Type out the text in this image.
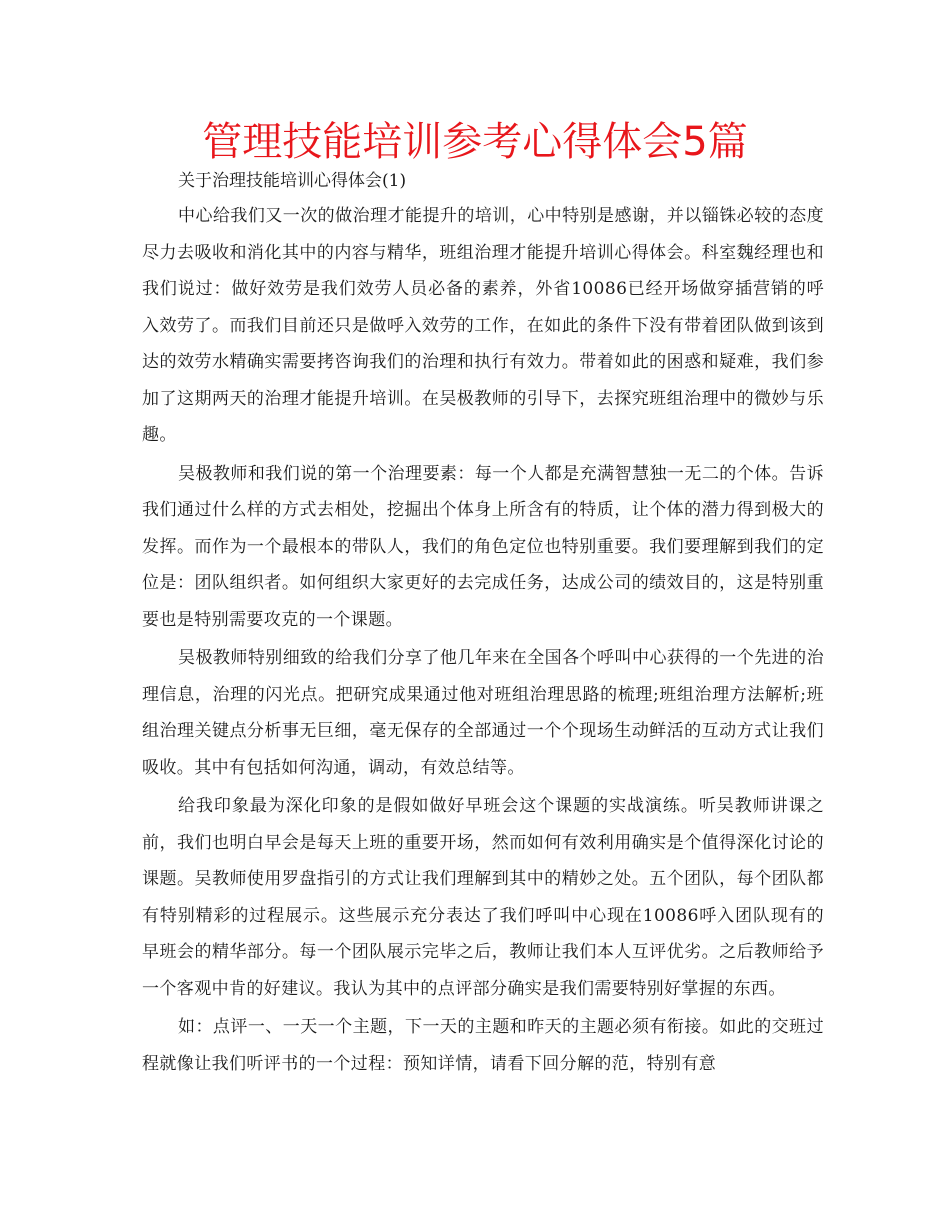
管理技能培训参考心得体会5篇
关于治理技能培训心得体会(1)

中心给我们又一次的做治理才能提升的培训，心中特别是感谢，并以锱铢必较的态度尽力去吸收和消化其中的内容与精华，班组治理才能提升培训心得体会。科室魏经理也和我们说过：做好效劳是我们效劳人员必备的素养，外省10086已经开场做穿插营销的呼入效劳了。而我们目前还只是做呼入效劳的工作，在如此的条件下没有带着团队做到该到达的效劳水精确实需要拷咨询我们的治理和执行有效力。带着如此的困惑和疑难，我们参加了这期两天的治理才能提升培训。在吴极教师的引导下，去探究班组治理中的微妙与乐趣。

吴极教师和我们说的第一个治理要素：每一个人都是充满智慧独一无二的个体。告诉我们通过什么样的方式去相处，挖掘出个体身上所含有的特质，让个体的潜力得到极大的发挥。而作为一个最根本的带队人，我们的角色定位也特别重要。我们要理解到我们的定位是：团队组织者。如何组织大家更好的去完成任务，达成公司的绩效目的，这是特别重要也是特别需要攻克的一个课题。

吴极教师特别细致的给我们分享了他几年来在全国各个呼叫中心获得的一个先进的治理信息，治理的闪光点。把研究成果通过他对班组治理思路的梳理;班组治理方法解析;班组治理关键点分析事无巨细，毫无保存的全部通过一个个现场生动鲜活的互动方式让我们吸收。其中有包括如何沟通，调动，有效总结等。

给我印象最为深化印象的是假如做好早班会这个课题的实战演练。听吴教师讲课之前，我们也明白早会是每天上班的重要开场，然而如何有效利用确实是个值得深化讨论的课题。吴教师使用罗盘指引的方式让我们理解到其中的精妙之处。五个团队，每个团队都有特别精彩的过程展示。这些展示充分表达了我们呼叫中心现在10086呼入团队现有的早班会的精华部分。每一个团队展示完毕之后，教师让我们本人互评优劣。之后教师给予一个客观中肯的好建议。我认为其中的点评部分确实是我们需要特别好掌握的东西。

如：点评一、一天一个主题，下一天的主题和昨天的主题必须有衔接。如此的交班过程就像让我们听评书的一个过程：预知详情，请看下回分解的范，特别有意
